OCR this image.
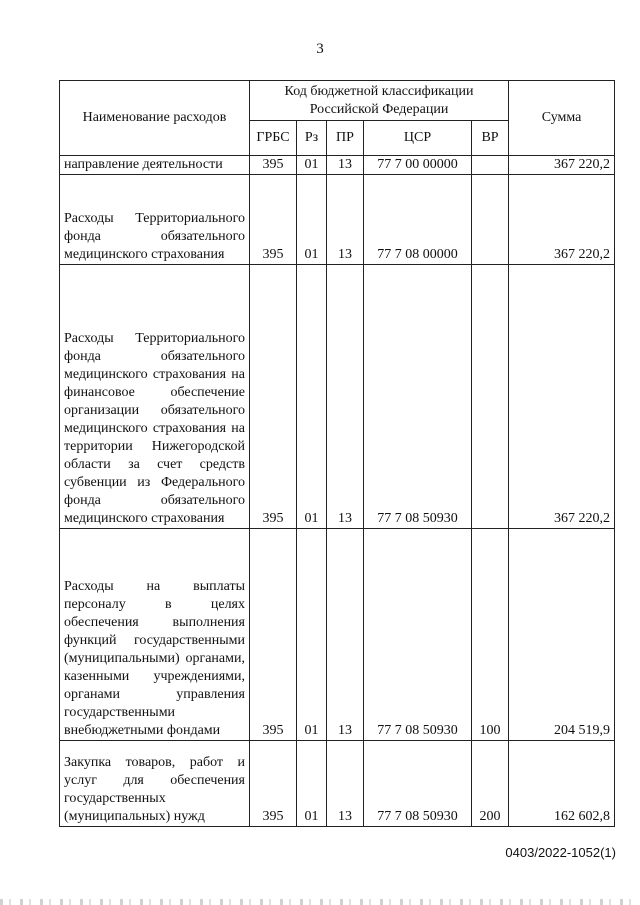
3
Наименование расходов	Код бюджетной классификации Российской Федерации					Сумма
	ГРБС	Рз	ПР	ЦСР	ВР	
направление деятельности	395	01	13	77 7 00 00000		367 220,2
Расходы Территориального фонда обязательного медицинского страхования	395	01	13	77 7 08 00000		367 220,2
Расходы Территориального фонда обязательного медицинского страхования на финансовое обеспечение организации обязательного медицинского страхования на территории Нижегородской области за счет средств субвенции из Федерального фонда обязательного медицинского страхования	395	01	13	77 7 08 50930		367 220,2
Расходы на выплаты персоналу в целях обеспечения выполнения функций государственными (муниципальными) органами, казенными учреждениями, органами управления государственными внебюджетными фондами	395	01	13	77 7 08 50930	100	204 519,9
Закупка товаров, работ и услуг для обеспечения государственных (муниципальных) нужд	395	01	13	77 7 08 50930	200	162 602,8
0403/2022-1052(1)
